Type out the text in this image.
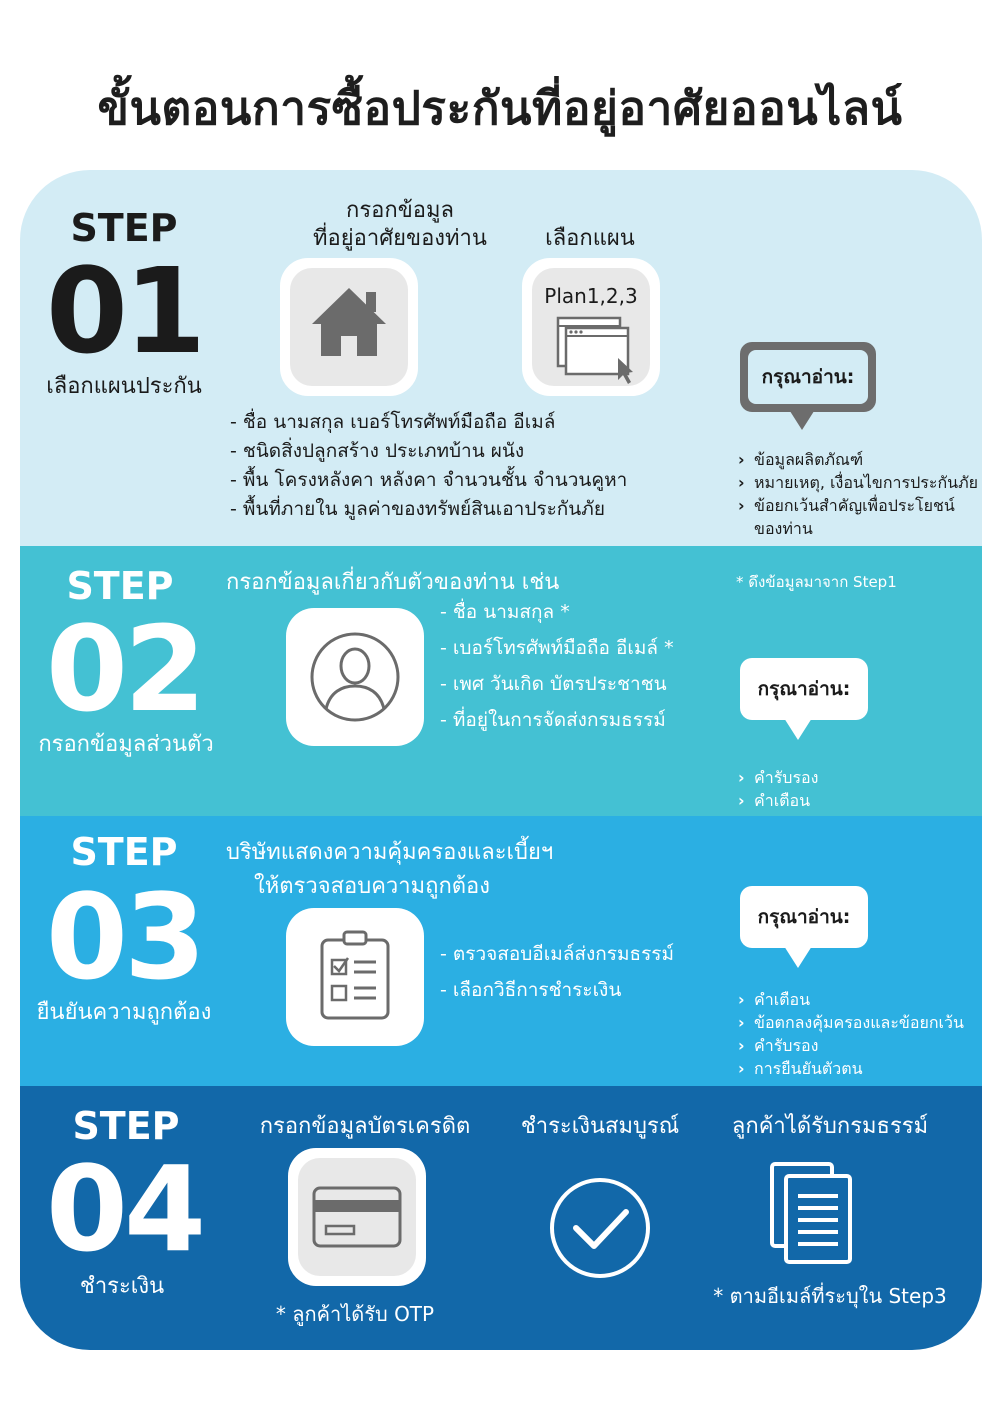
ขั้นตอนการซื้อประกันที่อยู่อาศัยออนไลน์
STEP
01
เลือกแผนประกัน
กรอกข้อมูล
ที่อยู่อาศัยของท่าน	เลือกแผน
Plan1,2,3
- ชื่อ นามสกุล เบอร์โทรศัพท์มือถือ อีเมล์
- ชนิดสิ่งปลูกสร้าง ประเภทบ้าน ผนัง
- พื้น โครงหลังคา หลังคา จำนวนชั้น จำนวนคูหา
- พื้นที่ภายใน มูลค่าของทรัพย์สินเอาประกันภัย
กรุณาอ่าน:
› ข้อมูลผลิตภัณฑ์
› หมายเหตุ, เงื่อนไขการประกันภัย
› ข้อยกเว้นสำคัญเพื่อประโยชน์
ของท่าน
STEP
02
กรอกข้อมูลส่วนตัว
กรอกข้อมูลเกี่ยวกับตัวของท่าน เช่น	* ดึงข้อมูลมาจาก Step1
- ชื่อ นามสกุล *
- เบอร์โทรศัพท์มือถือ อีเมล์ *
- เพศ วันเกิด บัตรประชาชน
- ที่อยู่ในการจัดส่งกรมธรรม์
กรุณาอ่าน:
› คำรับรอง
› คำเตือน
STEP
03
ยืนยันความถูกต้อง
บริษัทแสดงความคุ้มครองและเบี้ยฯ
ให้ตรวจสอบความถูกต้อง
- ตรวจสอบอีเมล์ส่งกรมธรรม์
- เลือกวิธีการชำระเงิน
กรุณาอ่าน:
› คำเตือน
› ข้อตกลงคุ้มครองและข้อยกเว้น
› คำรับรอง
› การยืนยันตัวตน
STEP
04
ชำระเงิน
กรอกข้อมูลบัตรเครดิต	ชำระเงินสมบูรณ์	ลูกค้าได้รับกรมธรรม์
* ลูกค้าได้รับ OTP
* ตามอีเมล์ที่ระบุใน Step3
